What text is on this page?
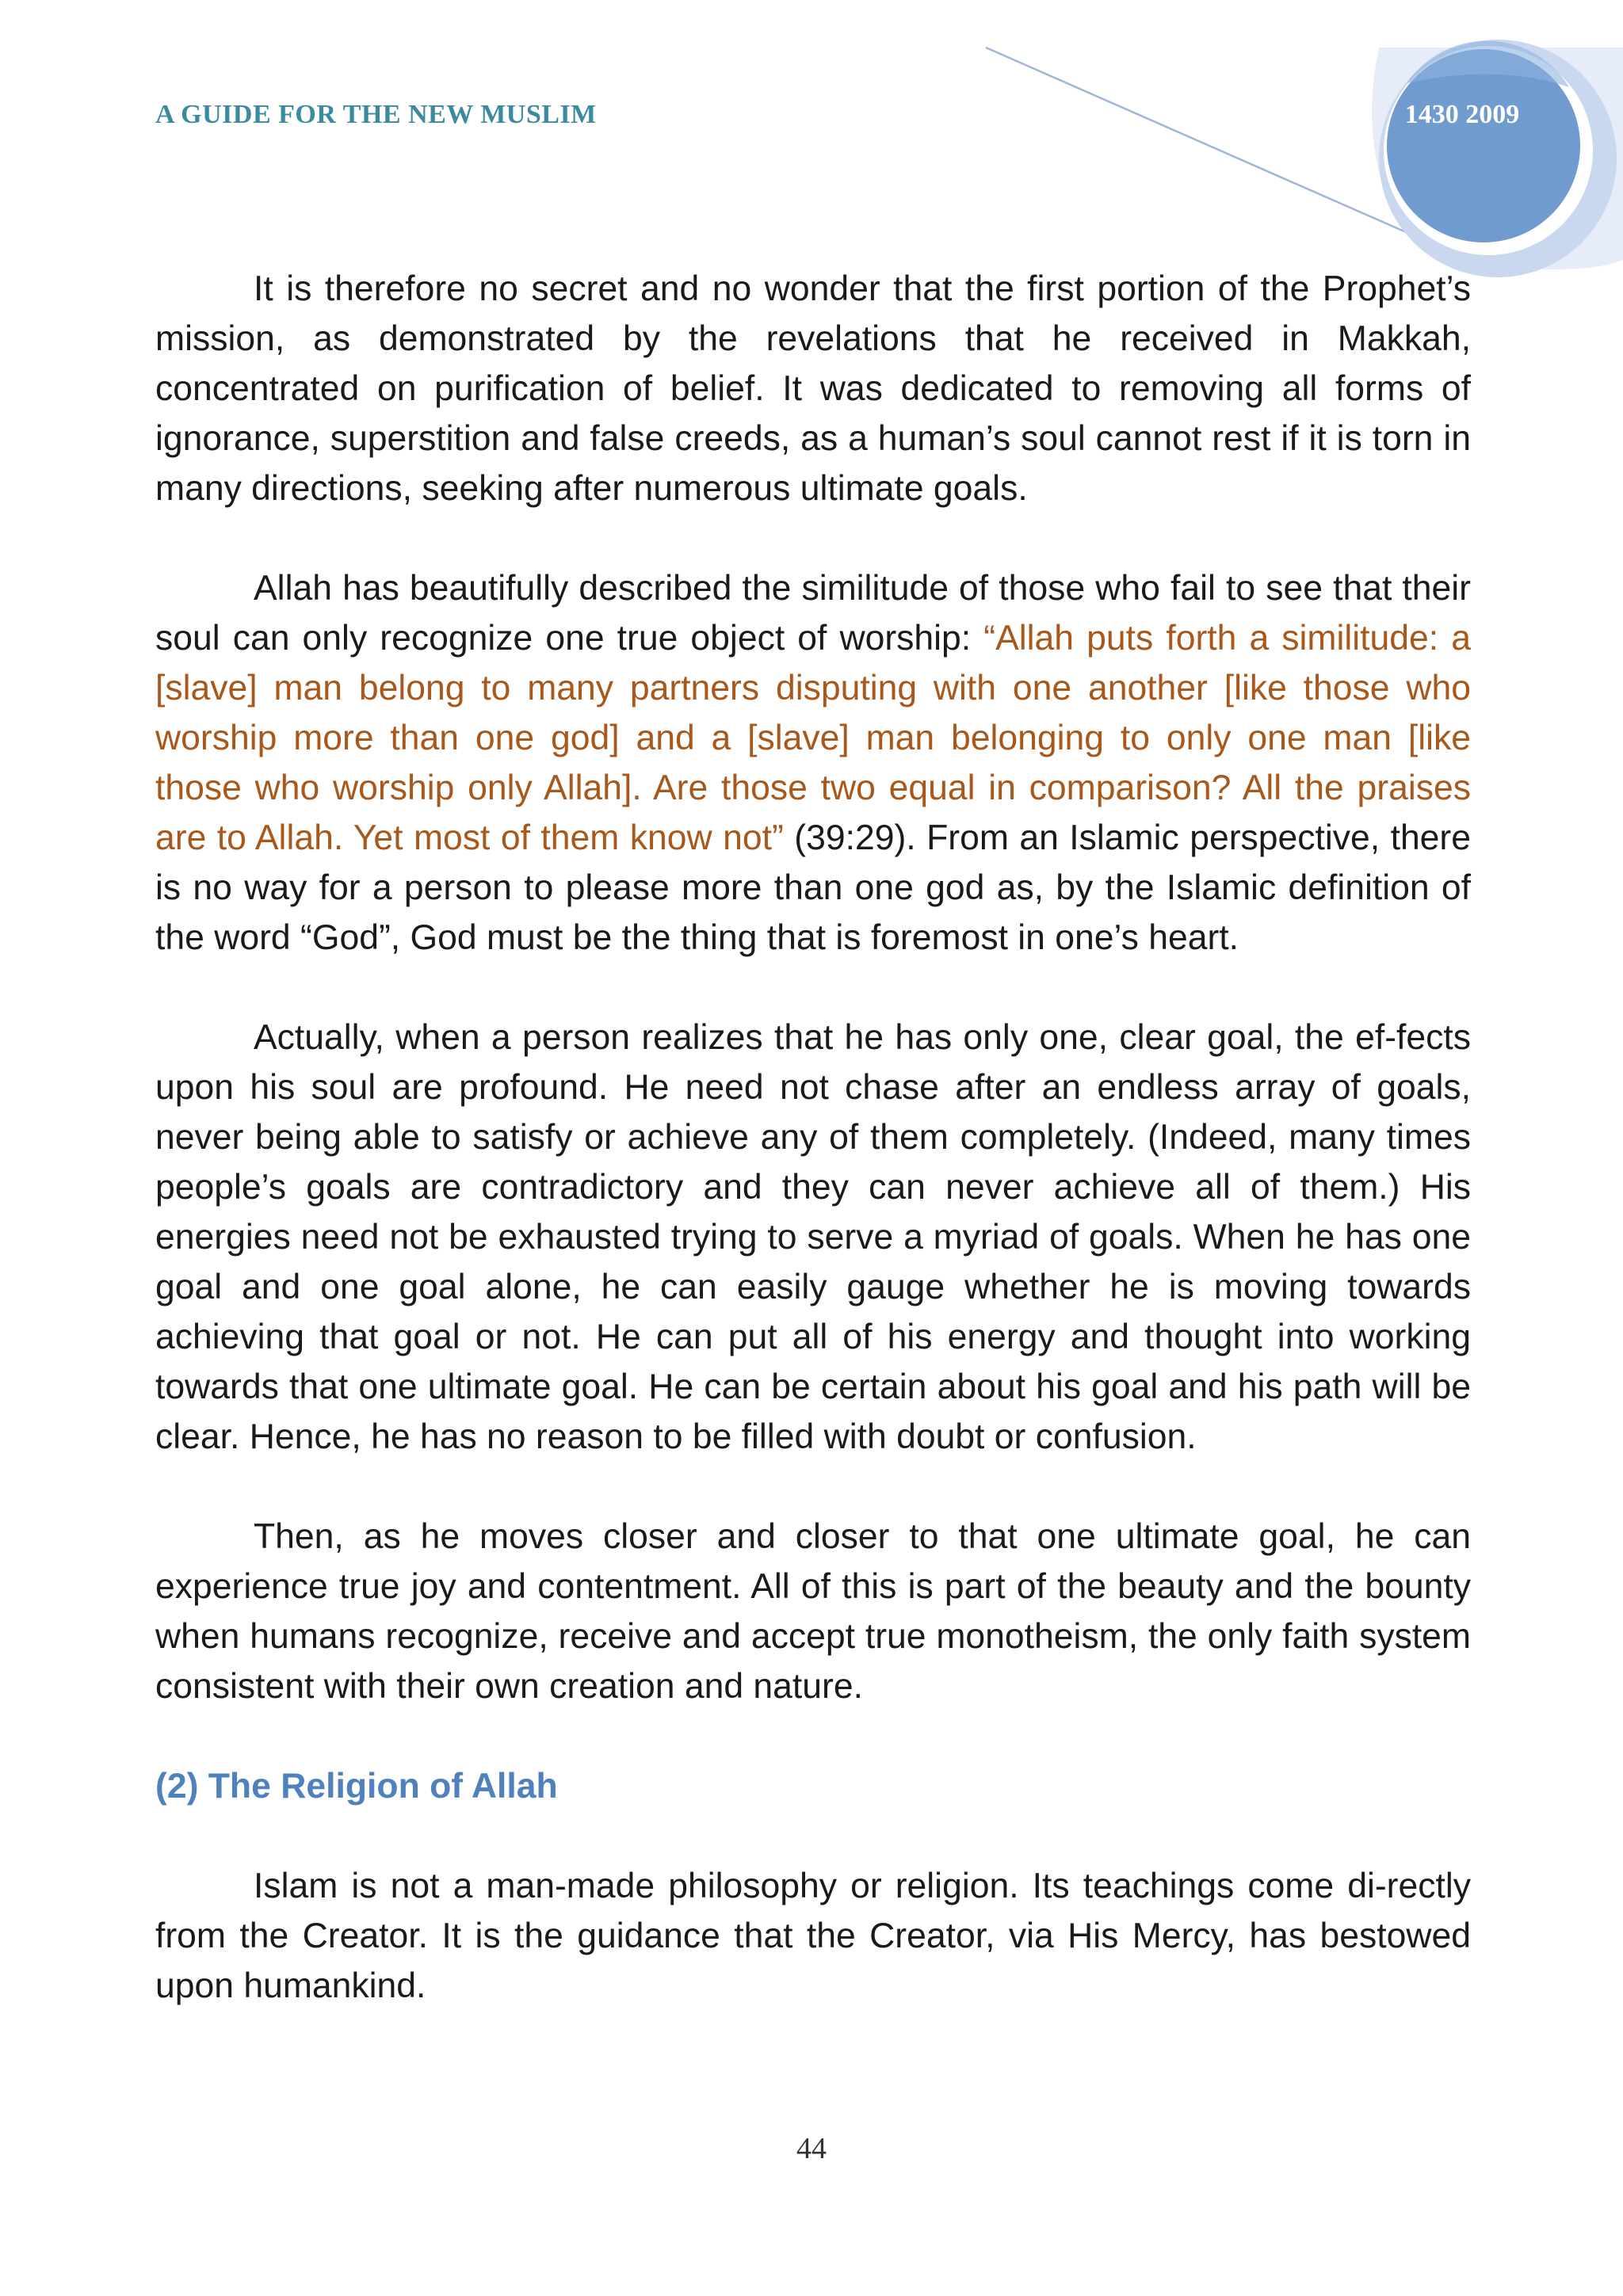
A GUIDE FOR THE NEW MUSLIM	1430 2009

It is therefore no secret and no wonder that the first portion of the Prophet’s mission, as demonstrated by the revelations that he received in Makkah, concentrated on purification of belief. It was dedicated to removing all forms of ignorance, superstition and false creeds, as a human’s soul cannot rest if it is torn in many directions, seeking after numerous ultimate goals.

Allah has beautifully described the similitude of those who fail to see that their soul can only recognize one true object of worship: “Allah puts forth a similitude: a [slave] man belong to many partners disputing with one another [like those who worship more than one god] and a [slave] man belonging to only one man [like those who worship only Allah]. Are those two equal in comparison? All the praises are to Allah. Yet most of them know not” (39:29). From an Islamic perspective, there is no way for a person to please more than one god as, by the Islamic definition of the word “God”, God must be the thing that is foremost in one’s heart.

Actually, when a person realizes that he has only one, clear goal, the ef-fects upon his soul are profound. He need not chase after an endless array of goals, never being able to satisfy or achieve any of them completely. (Indeed, many times people’s goals are contradictory and they can never achieve all of them.) His energies need not be exhausted trying to serve a myriad of goals. When he has one goal and one goal alone, he can easily gauge whether he is moving towards achieving that goal or not. He can put all of his energy and thought into working towards that one ultimate goal. He can be certain about his goal and his path will be clear. Hence, he has no reason to be filled with doubt or confusion.

Then, as he moves closer and closer to that one ultimate goal, he can experience true joy and contentment. All of this is part of the beauty and the bounty when humans recognize, receive and accept true monotheism, the only faith system consistent with their own creation and nature.

(2) The Religion of Allah

Islam is not a man-made philosophy or religion. Its teachings come di-rectly from the Creator. It is the guidance that the Creator, via His Mercy, has bestowed upon humankind.

44
